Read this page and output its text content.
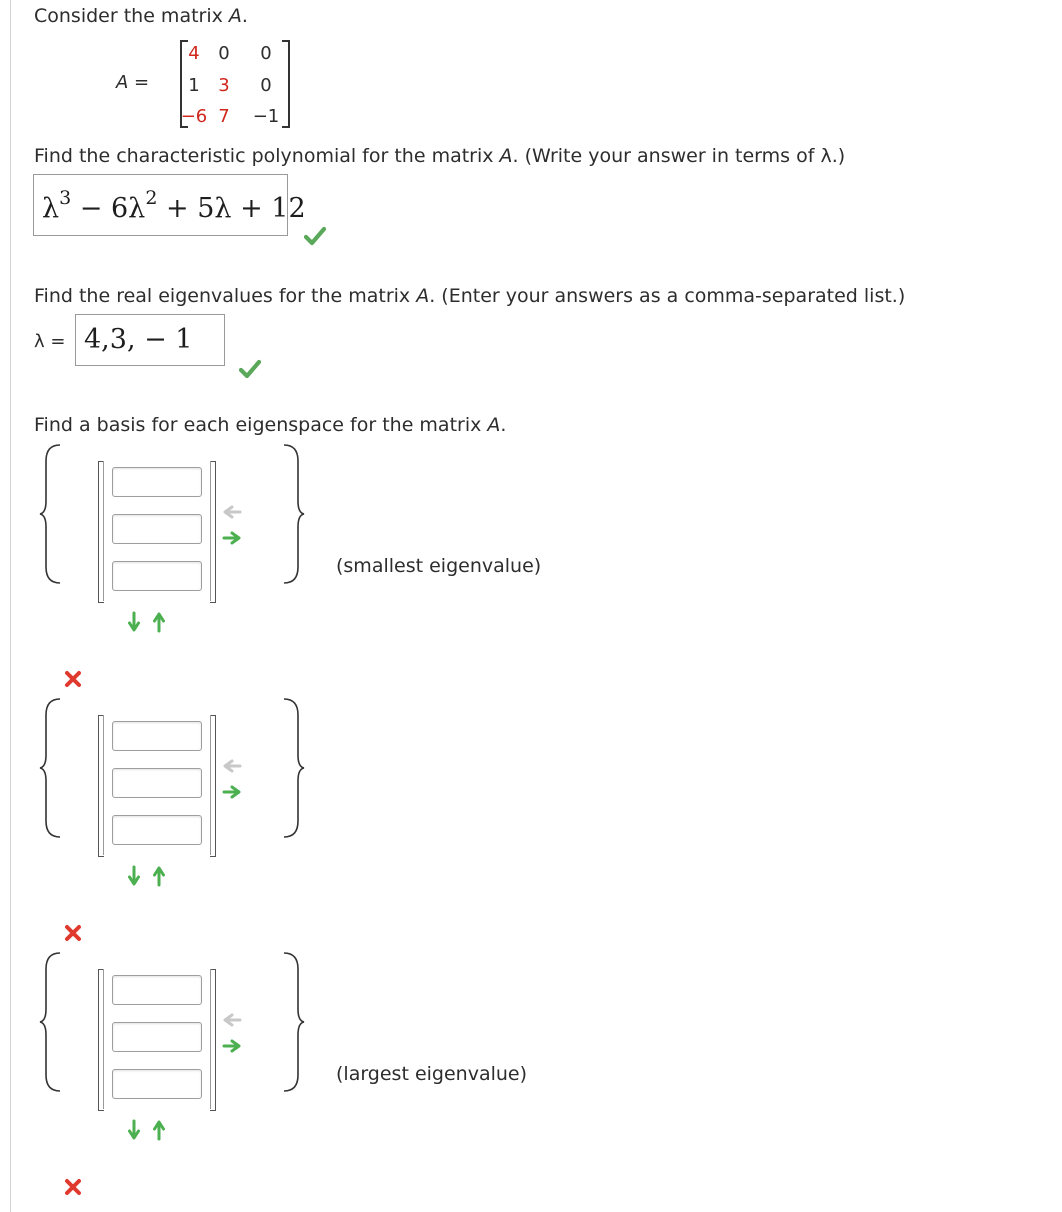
Consider the matrix A.
A =
4	0	0
1	3	0
−6 7	−1
Find the characteristic polynomial for the matrix A. (Write your answer in terms of λ.)
$\lambda^3 - 6\lambda^2 + 5\lambda + 12$
Find the real eigenvalues for the matrix A. (Enter your answers as a comma-separated list.)
λ = 4,3, − 1
Find a basis for each eigenspace for the matrix A.
(smallest eigenvalue)
(largest eigenvalue)
